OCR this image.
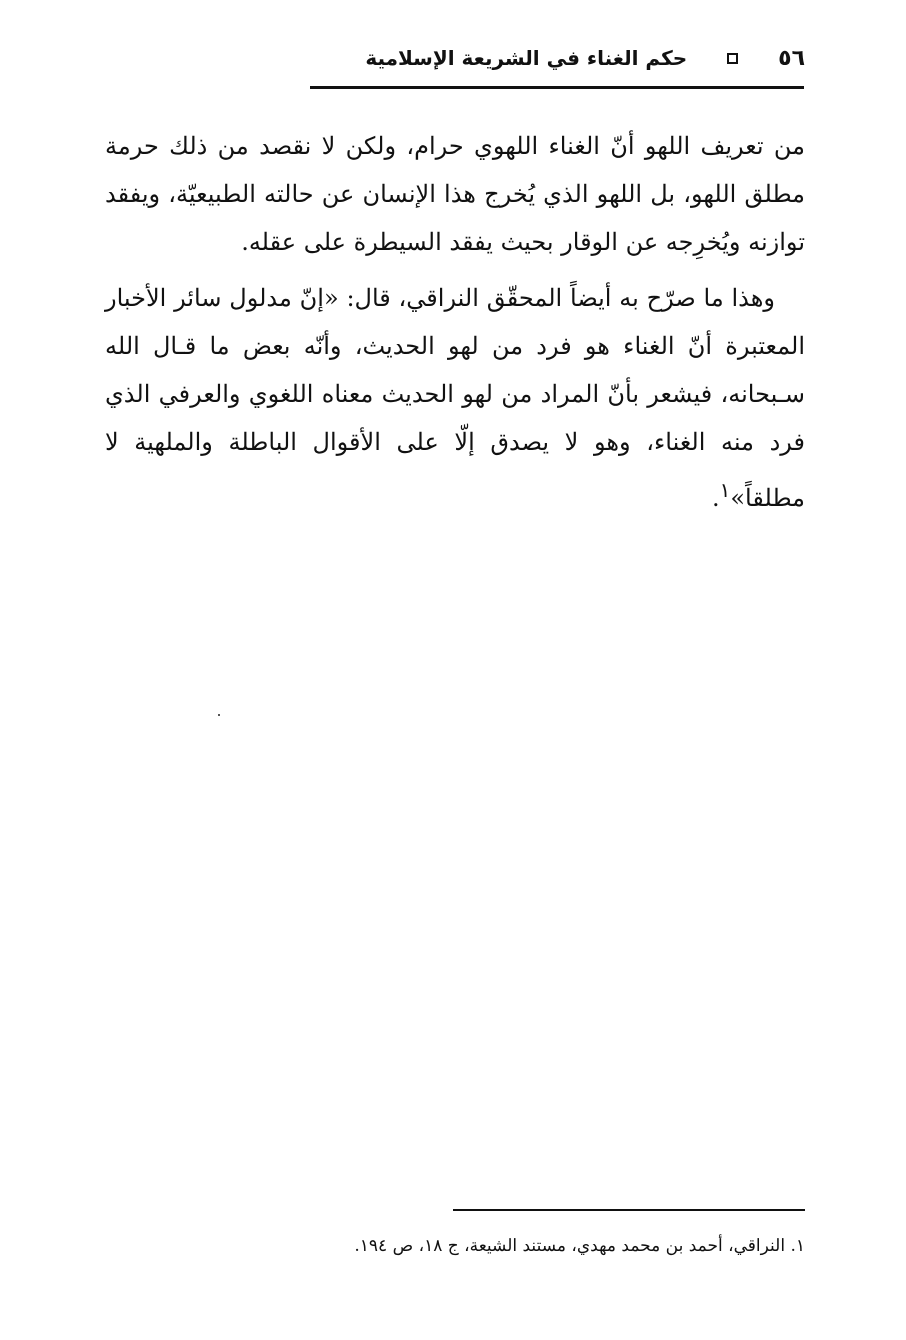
٥٦
حكم الغناء في الشريعة الإسلامية

من تعريف اللهو أنّ الغناء اللهوي حرام، ولكن لا نقصد من ذلك حرمة مطلق اللهو، بل اللهو الذي يُخرج هذا الإنسان عن حالته الطبيعيّة، ويفقد توازنه ويُخرِجه عن الوقار بحيث يفقد السيطرة على عقله.

وهذا ما صرّح به أيضاً المحقّق النراقي، قال: «إنّ مدلول سائر الأخبار المعتبرة أنّ الغناء هو فرد من لهو الحديث، وأنّه بعض ما قـال الله سـبحانه، فيشعر بأنّ المراد من لهو الحديث معناه اللغوي والعرفي الذي فرد منه الغناء، وهو لا يصدق إلّا على الأقوال الباطلة والملهية لا مطلقاً»$^١$.

١. النراقي، أحمد بن محمد مهدي، مستند الشيعة، ج ١٨، ص ١٩٤.
